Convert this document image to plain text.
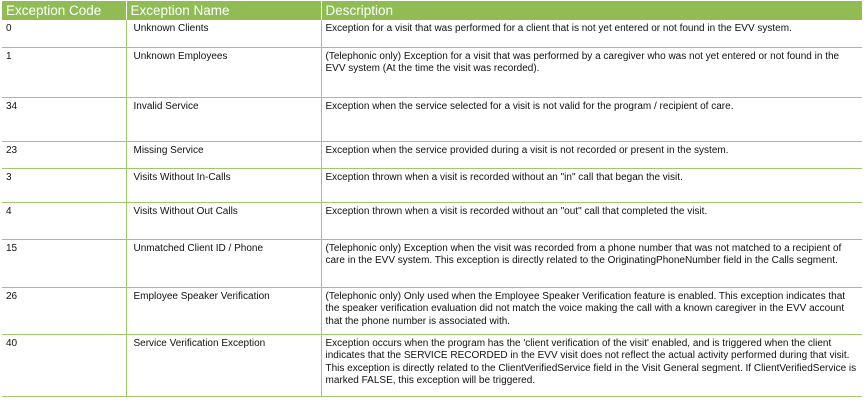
Exception Code	Exception Name	Description
0	Unknown Clients	Exception for a visit that was performed for a client that is not yet entered or not found in the EVV system.
1	Unknown Employees	(Telephonic only) Exception for a visit that was performed by a caregiver who was not yet entered or not found in the EVV system (At the time the visit was recorded).
34	Invalid Service	Exception when the service selected for a visit is not valid for the program / recipient of care.
23	Missing Service	Exception when the service provided during a visit is not recorded or present in the system.
3	Visits Without In-Calls	Exception thrown when a visit is recorded without an "in" call that began the visit.
4	Visits Without Out Calls	Exception thrown when a visit is recorded without an "out" call that completed the visit.
15	Unmatched Client ID / Phone	(Telephonic only) Exception when the visit was recorded from a phone number that was not matched to a recipient of care in the EVV system. This exception is directly related to the OriginatingPhoneNumber field in the Calls segment.
26	Employee Speaker Verification	(Telephonic only) Only used when the Employee Speaker Verification feature is enabled. This exception indicates that the speaker verification evaluation did not match the voice making the call with a known caregiver in the EVV account that the phone number is associated with.
40	Service Verification Exception	Exception occurs when the program has the 'client verification of the visit' enabled, and is triggered when the client indicates that the SERVICE RECORDED in the EVV visit does not reflect the actual activity performed during that visit. This exception is directly related to the ClientVerifiedService field in the Visit General segment. If ClientVerifiedService is marked FALSE, this exception will be triggered.
